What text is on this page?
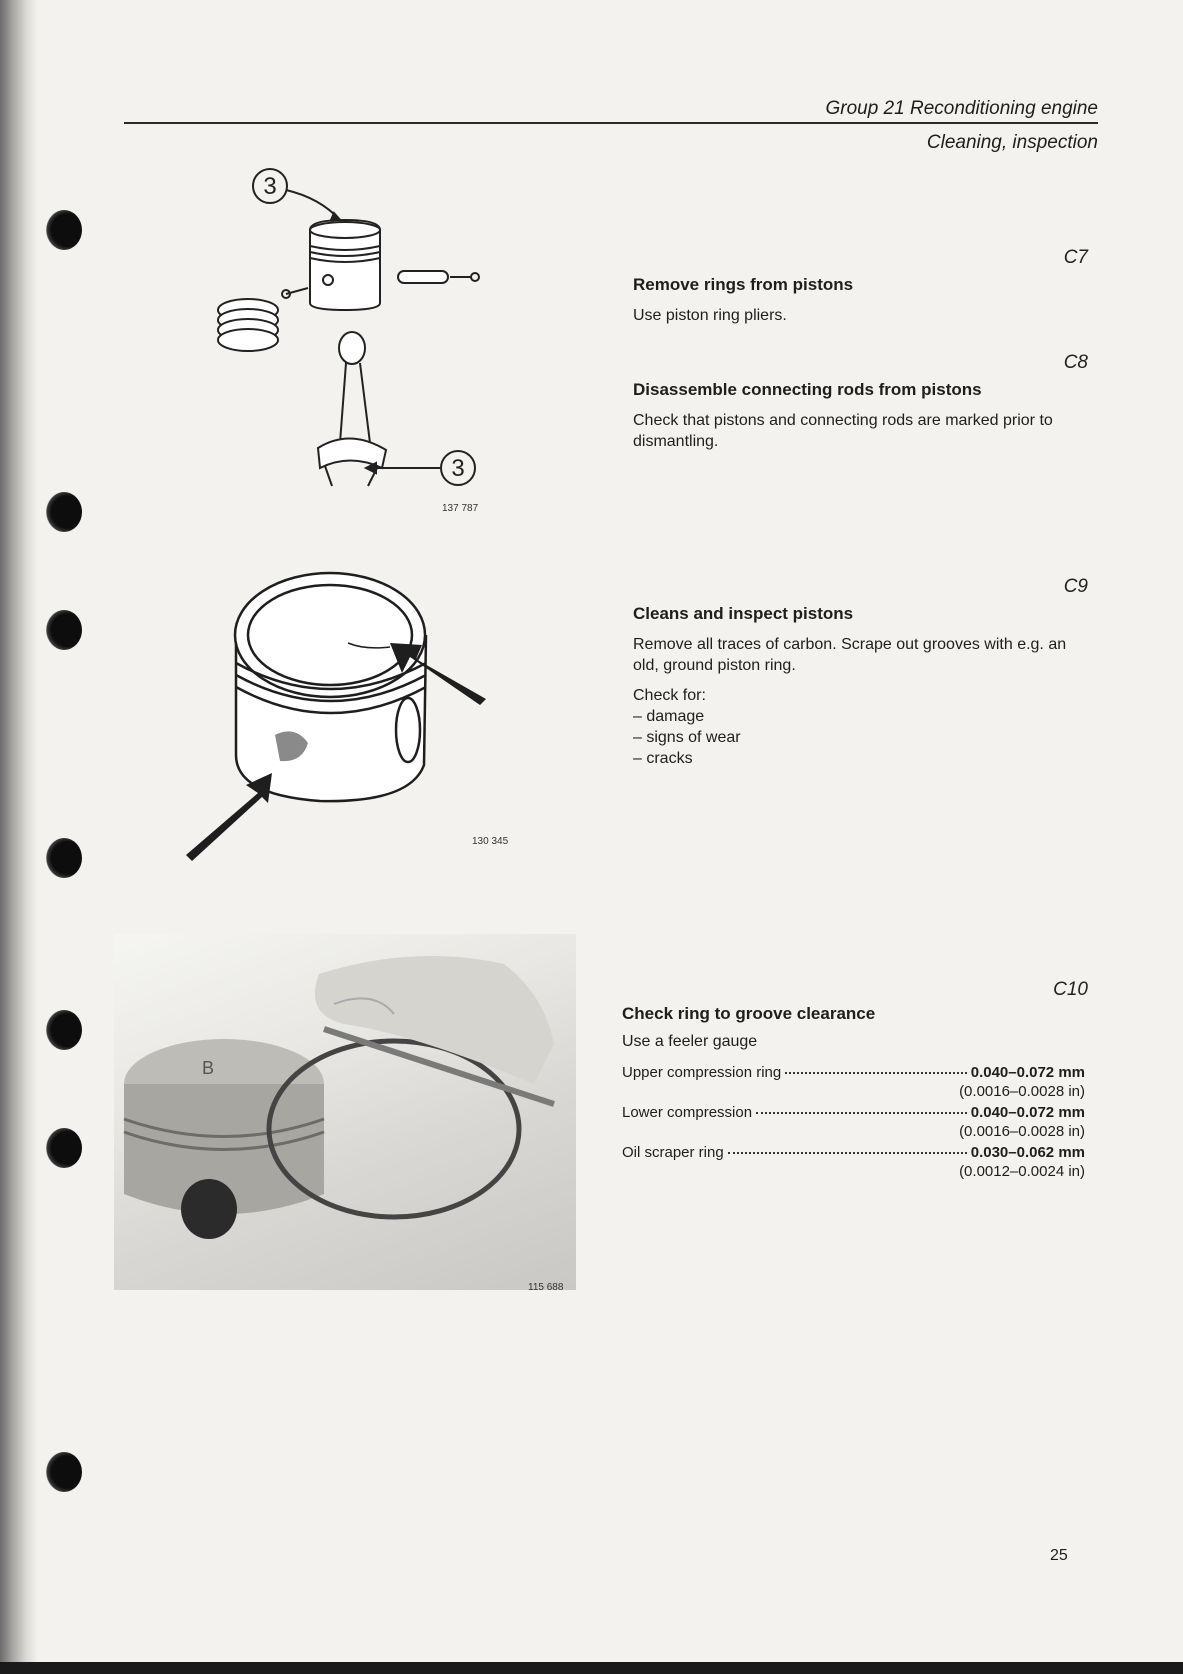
Group 21 Reconditioning engine
Cleaning, inspection
3
3
137 787
130 345
B
115 688
C7
Remove rings from pistons

Use piston ring pliers.

C8
Disassemble connecting rods from pistons

Check that pistons and connecting rods are marked prior to dismantling.

C9
Cleans and inspect pistons

Remove all traces of carbon. Scrape out grooves with e.g. an old, ground piston ring.

Check for:
– damage
– signs of wear
– cracks
C10
Check ring to groove clearance

Use a feeler gauge

Upper compression ring	0.040–0.072 mm
(0.0016–0.0028 in)
Lower compression	0.040–0.072 mm
(0.0016–0.0028 in)
Oil scraper ring	0.030–0.062 mm
(0.0012–0.0024 in)
25
